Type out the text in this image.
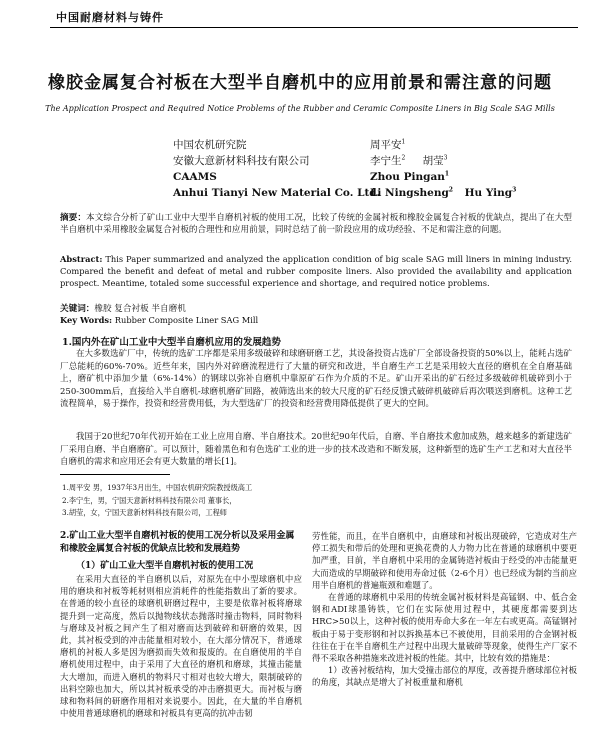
中国耐磨材料与铸件
橡胶金属复合衬板在大型半自磨机中的应用前景和需注意的问题
The Application Prospect and Required Notice Problems of the Rubber and Ceramic Composite Liners in Big Scale SAG Mills
中国农机研究院
安徽大意新材料科技有限公司
CAAMS
Anhui Tianyi New Material Co. Ltd.
周平安$^1$
李宁生$^2$ 胡莹$^3$
Zhou Pingan$^1$
Li Ningsheng$^2$ Hu Ying$^3$
摘要：本文综合分析了矿山工业中大型半自磨机衬板的使用工况，比较了传统的金属衬板和橡胶金属复合衬板的优缺点，提出了在大型半自磨机中采用橡胶金属复合衬板的合理性和应用前景，同时总结了前一阶段应用的成功经验、不足和需注意的问题。
Abstract: This Paper summarized and analyzed the application condition of big scale SAG mill liners in mining industry. Compared the benefit and defeat of metal and rubber composite liners. Also provided the availability and application prospect. Meantime, totaled some successful experience and shortage, and required notice problems.
关键词：橡胶 复合衬板 半自磨机
Key Words: Rubber Composite Liner SAG Mill
1.国内外在矿山工业中大型半自磨机应用的发展趋势

在大多数选矿厂中，传统的选矿工序都是采用多级破碎和球磨研磨工艺，其设备投资占选矿厂全部设备投资的50%以上，能耗占选矿厂总能耗的60%-70%。近些年来，国内外对碎磨流程进行了大量的研究和改进，半自磨生产工艺是采用较大直径的磨机在全自磨基础上，磨矿机中添加少量（6%-14%）的钢球以弥补自磨机中靠原矿石作为介质的不足。矿山开采出的矿石经过多级破碎机破碎到小于250-300mm后，直接给入半自磨机-球磨机磨矿回路，被筛选出来的较大尺度的矿石经反馈式破碎机破碎后再次喂送到磨机。这种工艺流程简单，易于操作，投资和经营费用低，为大型选矿厂的投资和经营费用降低提供了更大的空间。

我国于20世纪70年代初开始在工业上应用自磨、半自磨技术。20世纪90年代后，自磨、半自磨技术愈加成熟，越来越多的新建选矿厂采用自磨、半自磨磨矿。可以预计，随着黑色和有色选矿工业的进一步的技术改造和不断发展，这种新型的选矿生产工艺和对大直径半自磨机的需求和应用还会有更大数量的增长[1]。

1.周平安 男，1937年3月出生，中国农机研究院教授级高工
2.李宁生，男，宁国天意新材料科技有限公司 董事长，
3.胡莹，女，宁国天意新材料科技有限公司，工程师
2.矿山工业大型半自磨机衬板的使用工况分析以及采用金属和橡胶金属复合衬板的优缺点比较和发展趋势
（1）矿山工业大型半自磨机衬板的使用工况

在采用大直径的半自磨机以后，对原先在中小型球磨机中应用的磨块和衬板等耗材则相应消耗件的性能指数出了新的要求。在普通的较小直径的球磨机研磨过程中，主要是依靠衬板将磨球提升到一定高度，然后以抛物线状态抛落时撞击物料，同时物料与磨球及衬板之间产生了相对磨而达到破碎和研磨的效果，因此，其衬板受到的冲击能量相对较小，在大部分情况下，普通球磨机的衬板人多是因为磨损而失效和报废的。在自磨使用的半自磨机使用过程中，由于采用了大直径的磨机和磨球，其撞击能量大大增加，而进入磨机的物料尺寸相对也较大增大，限制破碎的出料空隙也加大，所以其衬板承受的冲击磨损更大。而衬板与磨球和物料间的研磨作用相对来说要小。因此，在大量的半自磨机中使用普通球磨机的磨球和衬板具有更高的抗冲击韧

劳性能，而且，在半自磨机中，由磨球和衬板出现破碎，它造成对生产停工损失和带后的处理和更换花费的人力物力比在普通的球磨机中要更加严重，目前，半自磨机中采用的金属铸造衬板由于经受的冲击能量更大而造成的早期破碎和使用寿命过低（2-6个月）也已经成为制约当前应用半自磨机的普遍瓶颈和难题了。

在普通的球磨机中采用的传统金属衬板材料是高锰钢、中、低合金钢和ADI球墨铸铁，它们在实际使用过程中，其硬度都需要到达HRC>50以上，这种衬板的使用寿命大多在一年左右或更高。高锰钢衬板由于易于变形钢和衬以拆换基本已不被使用，目前采用的合金钢衬板往往在于在半自磨机生产过程中出现大量破碎等现象，使得生产厂家不得不采取各种措施来改进衬板的性能。其中，比较有效的措施是：

1）改善衬板结构，加大受撞击部位的厚度，改善提升磨球部位衬板的角度，其缺点是增大了衬板重量和磨机
